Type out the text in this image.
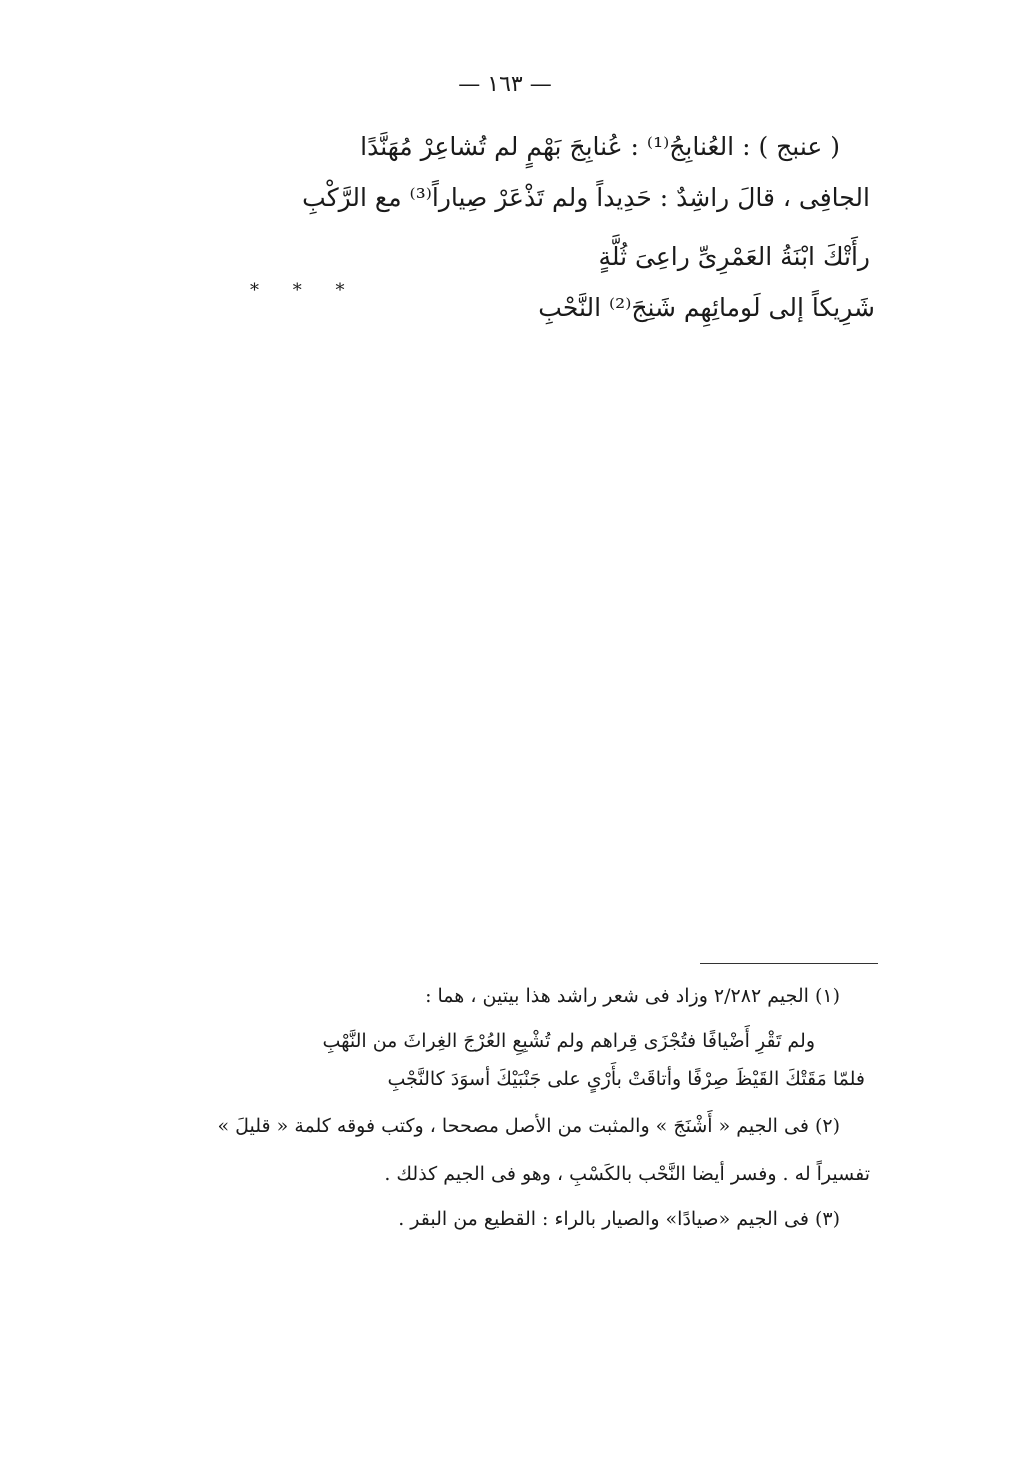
— ١٦٣ —
( عنبج ) : العُنابِجُ⁽¹⁾ : عُنابِجَ بَهْمٍ لم تُشاعِرْ مُهَنَّدًا
الجافِى ، قالَ راشِدٌ : حَدِيداً ولم تَذْعَرْ صِياراً⁽³⁾ مع الرَّكْبِ
رأَتْكَ ابْنَةُ العَمْرِىِّ راعِىَ ثُلَّةٍ
شَرِيكاً إلى لَومائِهِم شَنِجَ⁽²⁾ النَّحْبِ
* * *
(١) الجيم ٢/٢٨٢ وزاد فى شعر راشد هذا بيتين ، هما :
ولم تَقْرِ أَضْيافًا فتُجْزَى قِراهم ولم تُشْبِعِ العُرْجَ الغِراثَ من النَّهْبِ
فلمّا مَقَتْكَ القَيْظَ صِرْفًا وأتاقَتْ بأَرْىٍ على جَنْبَيْكَ أسوَدَ كالنَّجْبِ
(٢) فى الجيم « أَشْنَجَ » والمثبت من الأصل مصححا ، وكتب فوقه كلمة « قليلَ »
تفسيراً له . وفسر أيضا النَّحْب بالكَسْبِ ، وهو فى الجيم كذلك .
(٣) فى الجيم «صيادًا» والصيار بالراء : القطيع من البقر .
